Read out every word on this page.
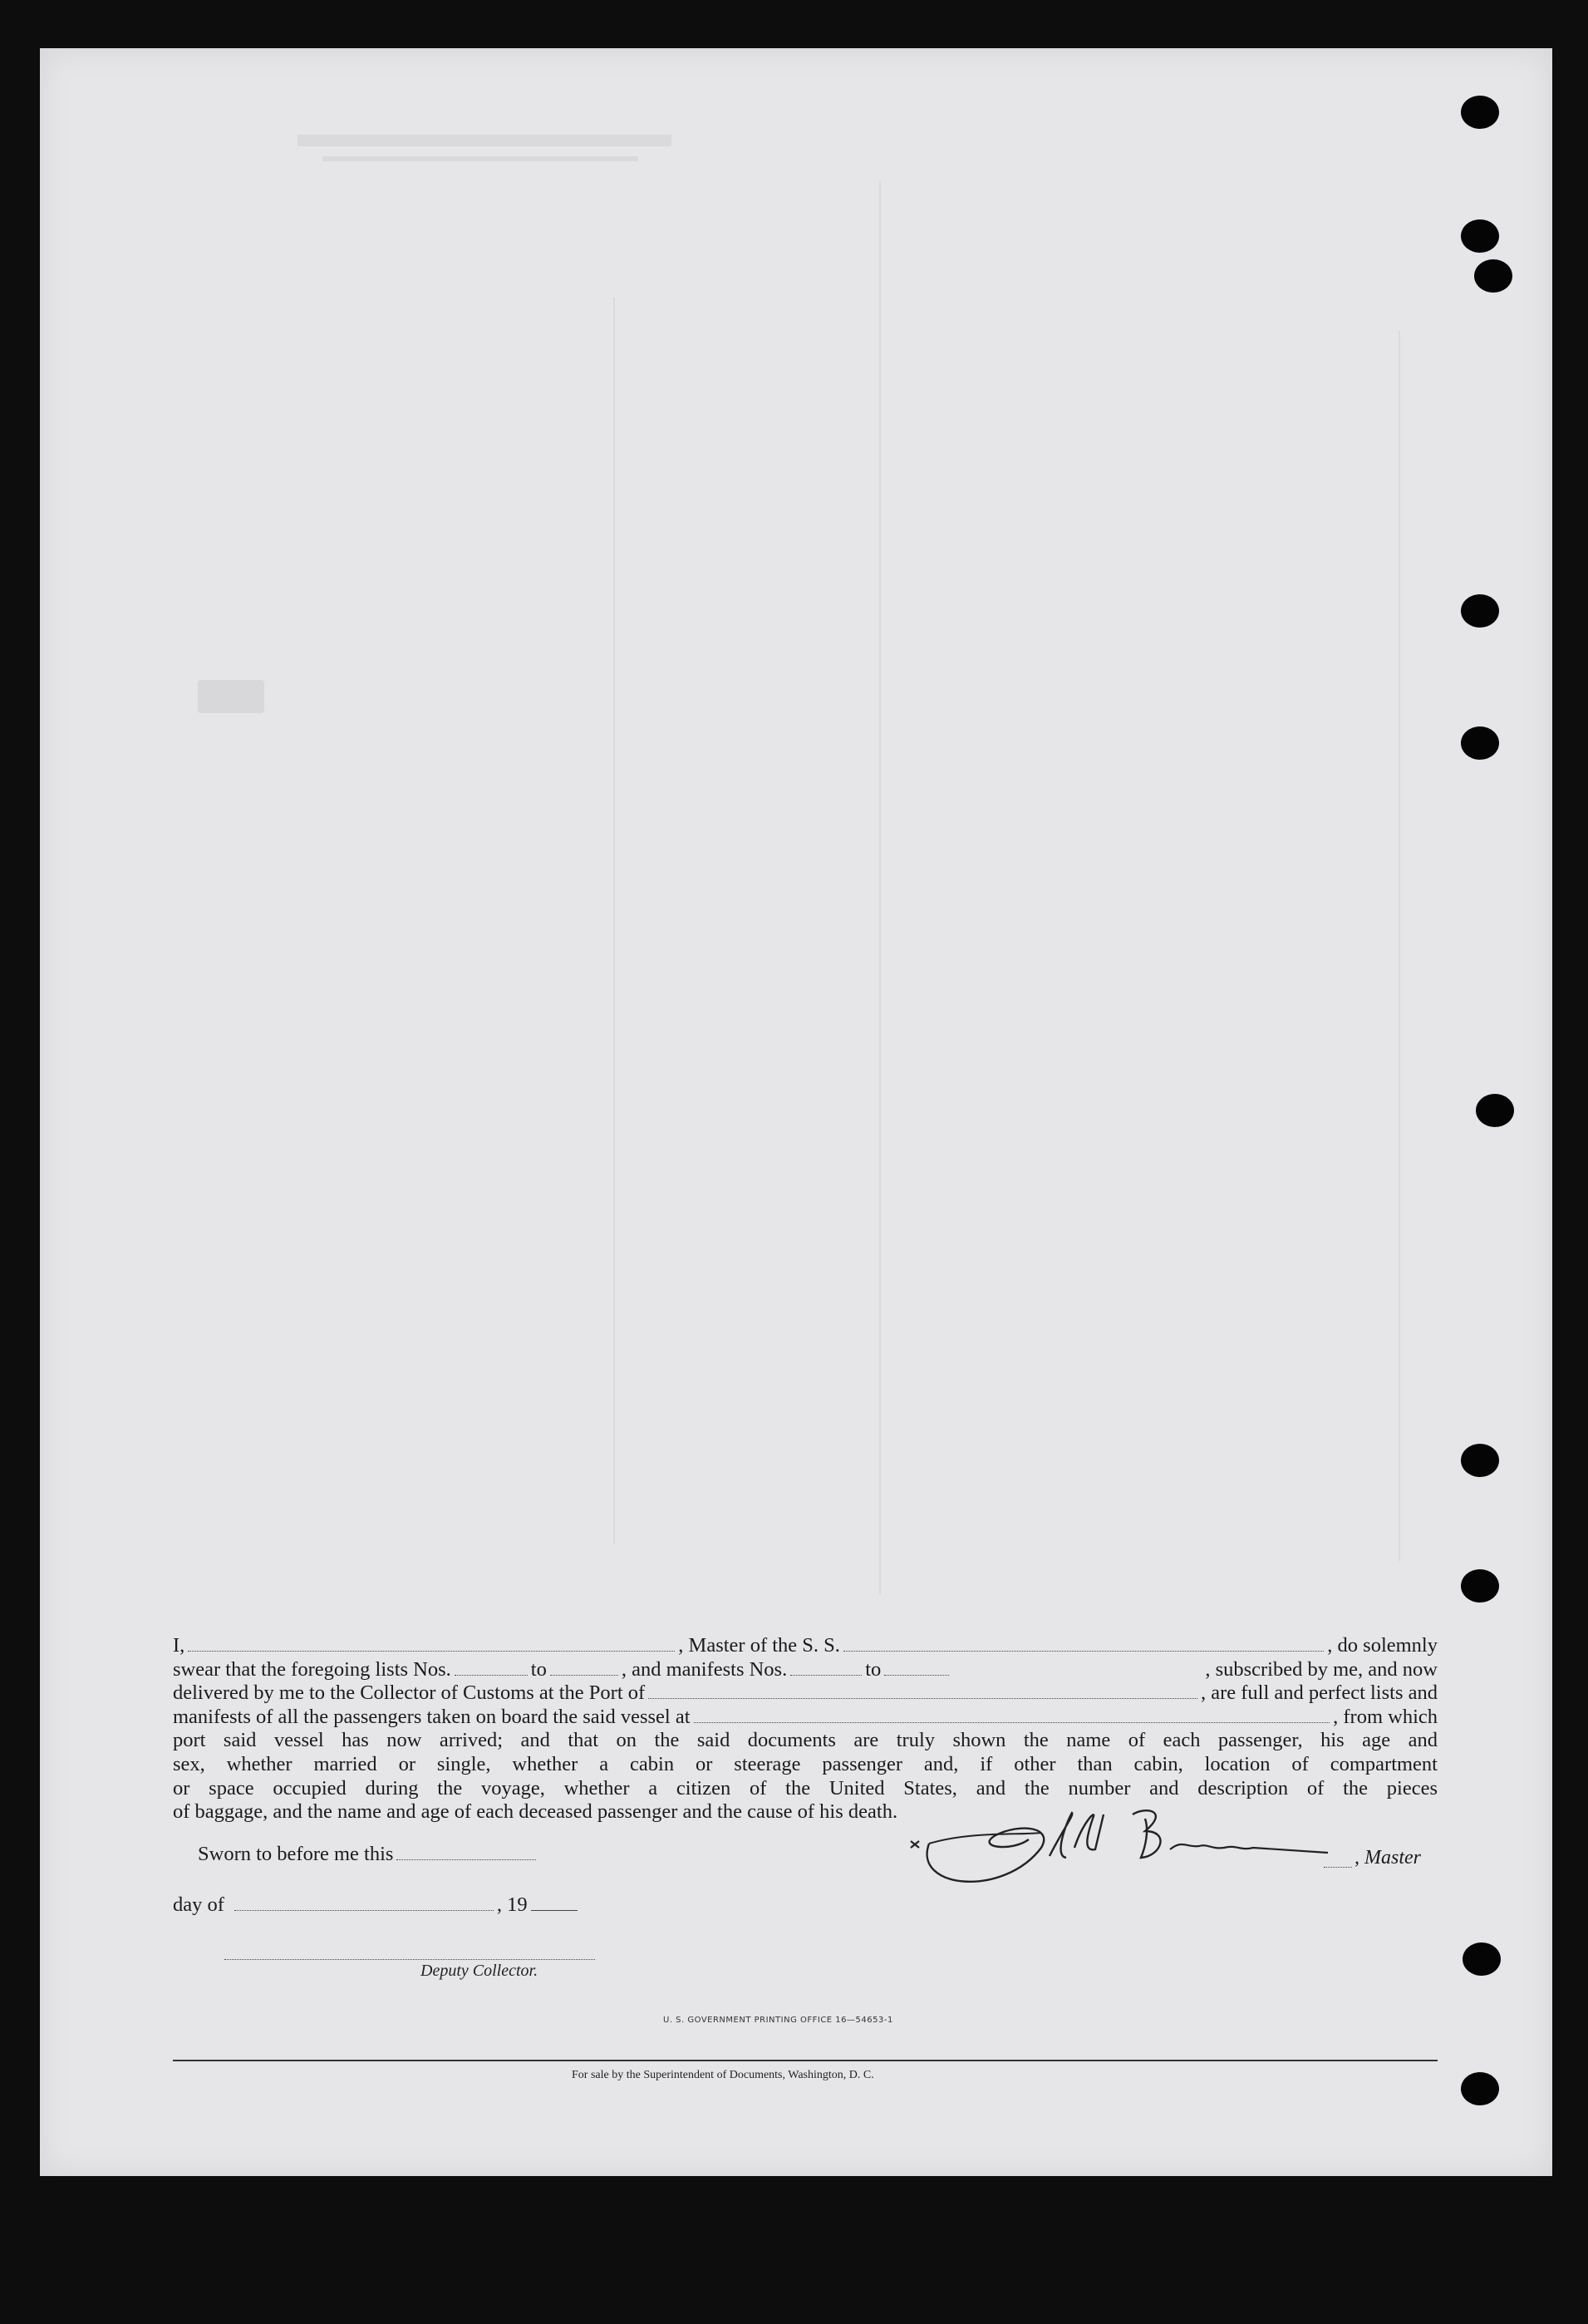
I,	, Master of the S. S.	, do solemnly
swear that the foregoing lists Nos.	to	, and manifests Nos.	to	, subscribed by me, and now
delivered by me to the Collector of Customs at the Port of	, are full and perfect lists and
manifests of all the passengers taken on board the said vessel at	, from which
port said vessel has now arrived; and that on the said documents are truly shown the name of each passenger, his age and
sex, whether married or single, whether a cabin or steerage passenger and, if other than cabin, location of compartment
or space occupied during the voyage, whether a citizen of the United States, and the number and description of the pieces
of baggage, and the name and age of each deceased passenger and the cause of his death.
Sworn to before me this
day of	, 19
Deputy Collector.
, Master
U. S. GOVERNMENT PRINTING OFFICE 16—54653-1
For sale by the Superintendent of Documents, Washington, D. C.
